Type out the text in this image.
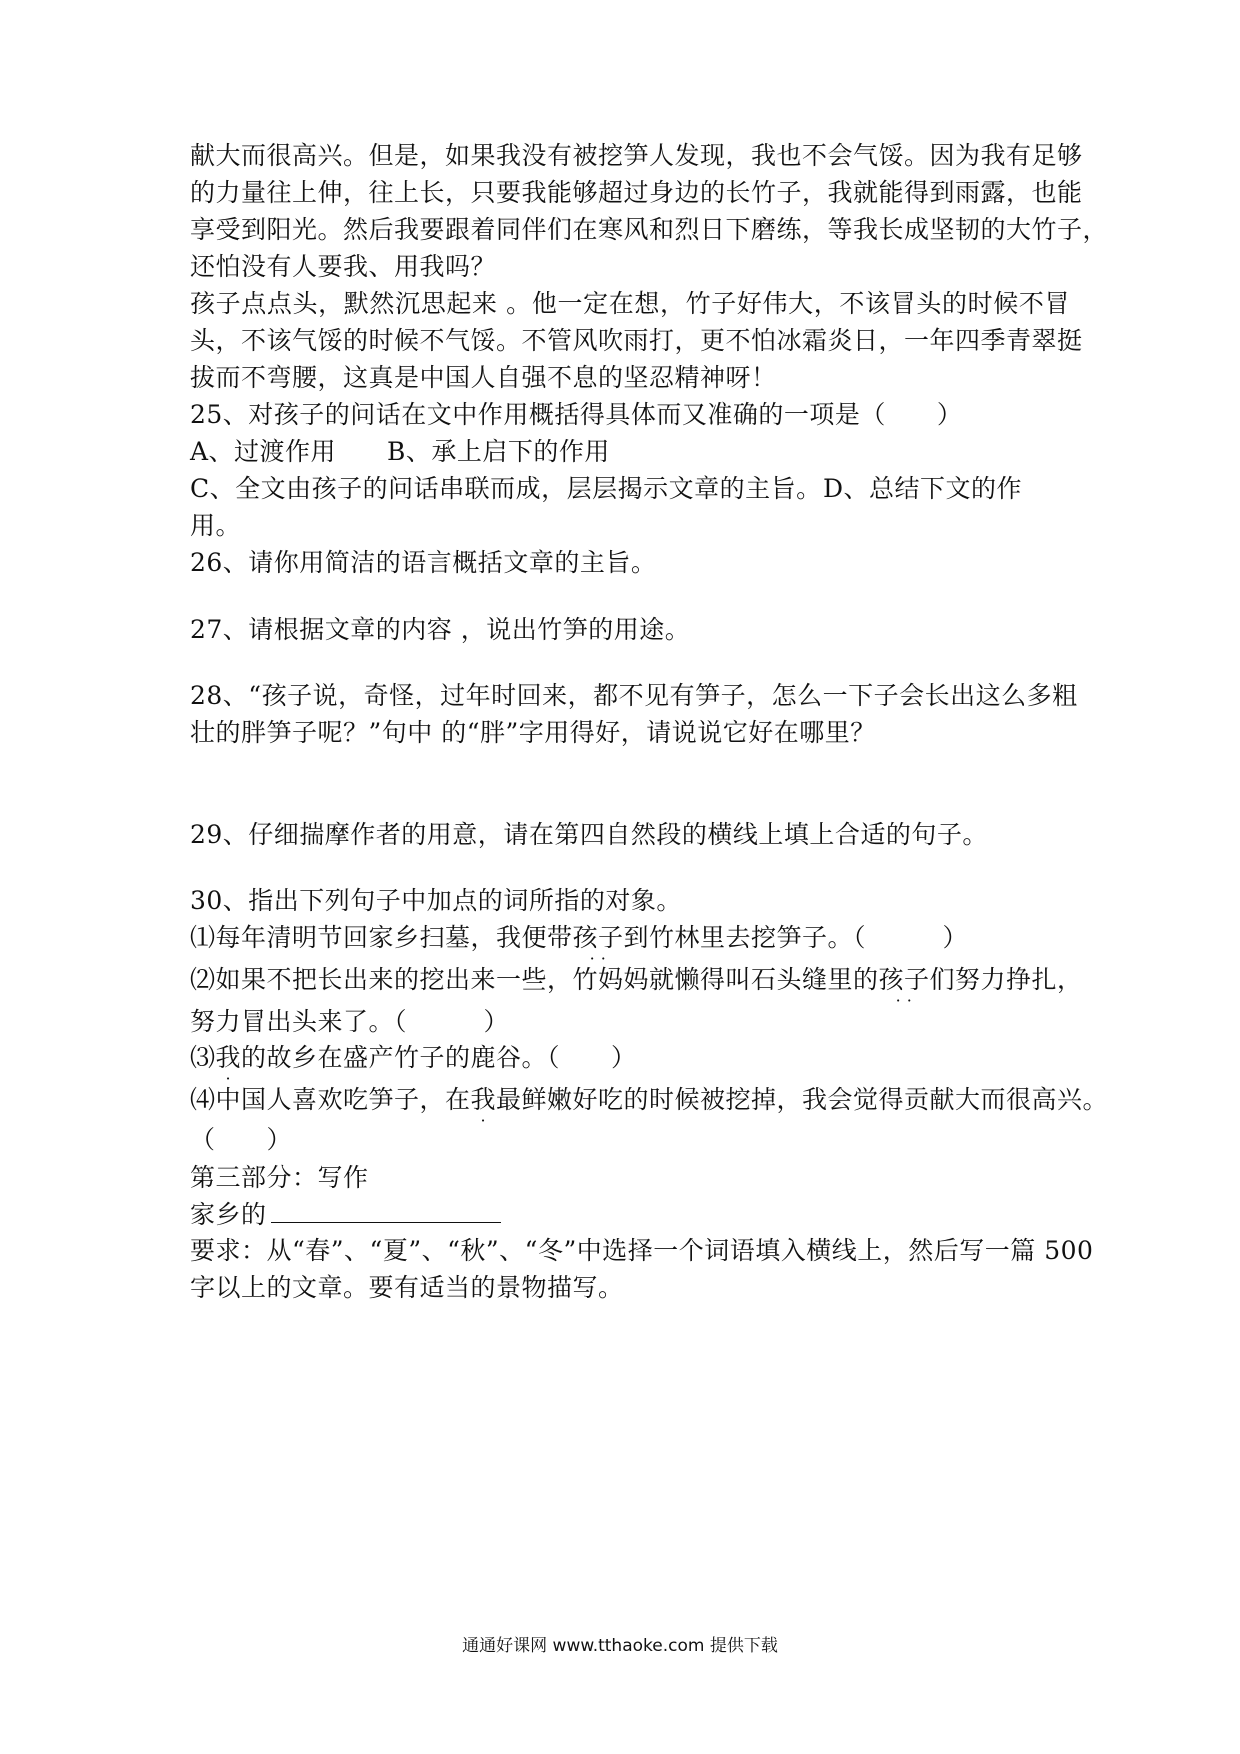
献大而很高兴。但是，如果我没有被挖笋人发现，我也不会气馁。因为我有足够
的力量往上伸，往上长，只要我能够超过身边的长竹子，我就能得到雨露，也能
享受到阳光。然后我要跟着同伴们在寒风和烈日下磨练，等我长成坚韧的大竹子，
还怕没有人要我、用我吗？
孩子点点头，默然沉思起来 。他一定在想，竹子好伟大，不该冒头的时候不冒
头，不该气馁的时候不气馁。不管风吹雨打，更不怕冰霜炎日，一年四季青翠挺
拔而不弯腰，这真是中国人自强不息的坚忍精神呀！
25、对孩子的问话在文中作用概括得具体而又准确的一项是（　　）
A、过渡作用　　B、承上启下的作用
C、全文由孩子的问话串联而成，层层揭示文章的主旨。 D、总结下文的作
用。
26、请你用简洁的语言概括文章的主旨。
27、请根据文章的内容 ，说出竹笋的用途。
28、“孩子说，奇怪，过年时回来，都不见有笋子，怎么一下子会长出这么多粗
壮的胖笋子呢？”句中 的“胖”字用得好，请说说它好在哪里？
29、仔细揣摩作者的用意，请在第四自然段的横线上填上合适的句子。
30、指出下列句子中加点的词所指的对象。
⑴每年清明节回家乡扫墓，我便带孩子
· ·
到竹林里去挖笋子。（　　　）
⑵如果不把长出来的挖出来一些，竹妈妈就懒得叫石头缝里的孩子
· ·
们努力挣扎，
努力冒出头来了。（　　　）
⑶我
·
的故乡在盛产竹子的鹿谷。（　　）
⑷中国人喜欢吃笋子，在我
·
最鲜嫩好吃的时候被挖掉，我会觉得贡献大而很高兴。
（　　）
第三部分：写作
家乡的
要求：从“春”、“夏”、“秋”、“冬”中选择一个词语填入横线上，然后写一篇 500
字以上的文章。要有适当的景物描写。
通通好课网 www.tthaoke.com 提供下载
